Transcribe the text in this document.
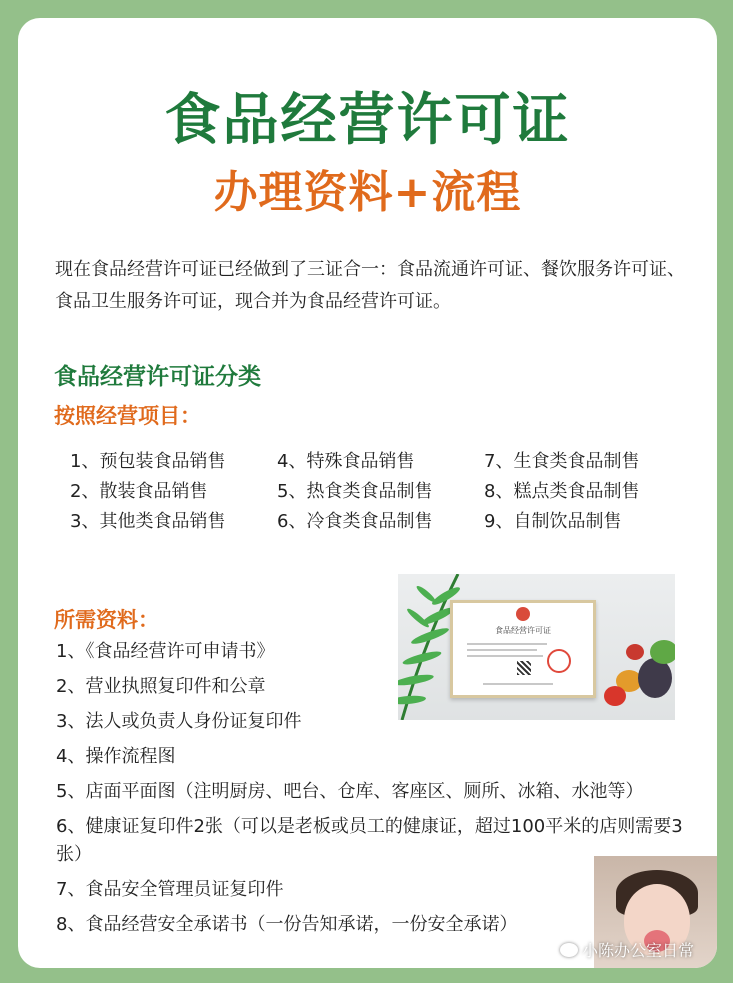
食品经营许可证
办理资料+流程
现在食品经营许可证已经做到了三证合一：食品流通许可证、餐饮服务许可证、食品卫生服务许可证，现合并为食品经营许可证。
食品经营许可证分类
按照经营项目：
1、预包装食品销售	4、特殊食品销售	7、生食类食品制售
2、散装食品销售	5、热食类食品制售	8、糕点类食品制售
3、其他类食品销售	6、冷食类食品制售	9、自制饮品制售
所需资料：
1、《食品经营许可申请书》
2、营业执照复印件和公章
3、法人或负责人身份证复印件
4、操作流程图
5、店面平面图（注明厨房、吧台、仓库、客座区、厕所、冰箱、水池等）
6、健康证复印件2张（可以是老板或员工的健康证，超过100平米的店则需要3张）
7、食品安全管理员证复印件
8、食品经营安全承诺书（一份告知承诺，一份安全承诺）
食品经营许可证
小陈办公室日常
